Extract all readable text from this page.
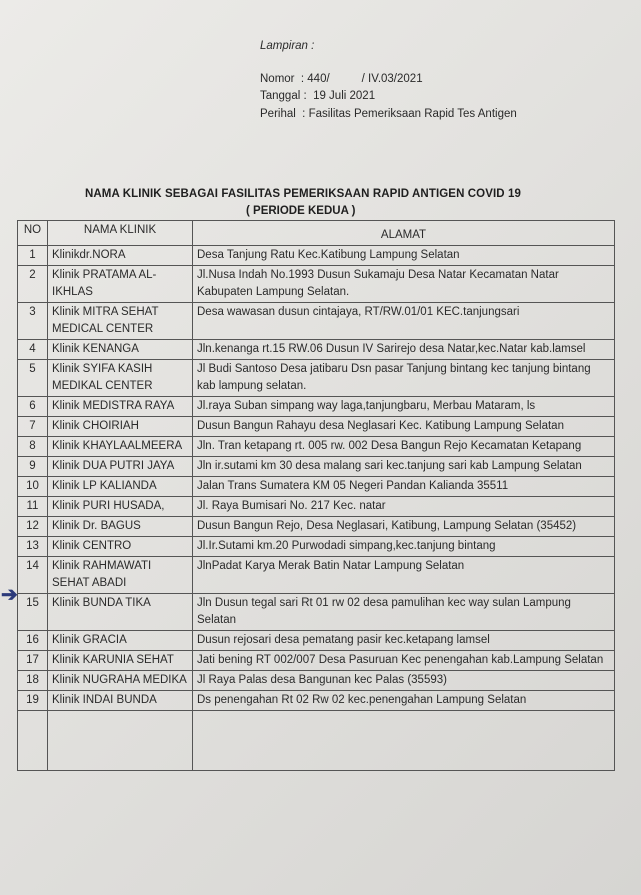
Lampiran :
Nomor  : 440/          / IV.03/2021
Tanggal :  19 Juli 2021
Perihal  : Fasilitas Pemeriksaan Rapid Tes Antigen
NAMA KLINIK SEBAGAI FASILITAS PEMERIKSAAN RAPID ANTIGEN COVID 19
( PERIODE KEDUA )
NO	NAMA KLINIK	ALAMAT
1	Klinikdr.NORA	Desa Tanjung Ratu Kec.Katibung Lampung Selatan
2	Klinik PRATAMA AL-IKHLAS	Jl.Nusa Indah No.1993 Dusun Sukamaju Desa Natar Kecamatan Natar Kabupaten Lampung Selatan.
3	Klinik MITRA SEHAT MEDICAL CENTER	Desa wawasan dusun cintajaya, RT/RW.01/01 KEC.tanjungsari
4	Klinik KENANGA	Jln.kenanga rt.15 RW.06 Dusun IV Sarirejo desa Natar,kec.Natar kab.lamsel
5	Klinik SYIFA KASIH MEDIKAL CENTER	Jl Budi Santoso Desa jatibaru Dsn pasar Tanjung bintang kec tanjung bintang kab lampung selatan.
6	Klinik MEDISTRA RAYA	Jl.raya Suban simpang way laga,tanjungbaru, Merbau Mataram, ls
7	Klinik CHOIRIAH	Dusun Bangun Rahayu desa Neglasari Kec. Katibung Lampung Selatan
8	Klinik KHAYLAALMEERA	Jln. Tran ketapang rt. 005 rw. 002 Desa Bangun Rejo Kecamatan Ketapang
9	Klinik DUA PUTRI JAYA	Jln ir.sutami km 30 desa malang sari kec.tanjung sari kab Lampung Selatan
10	Klinik LP KALIANDA	Jalan Trans Sumatera KM 05 Negeri Pandan Kalianda 35511
11	Klinik PURI HUSADA,	Jl. Raya Bumisari No. 217 Kec. natar
12	Klinik Dr. BAGUS	Dusun Bangun Rejo, Desa Neglasari, Katibung, Lampung Selatan (35452)
13	Klinik CENTRO	Jl.Ir.Sutami km.20 Purwodadi simpang,kec.tanjung bintang
14	Klinik RAHMAWATI SEHAT ABADI	JlnPadat Karya Merak Batin Natar Lampung Selatan
15	Klinik BUNDA TIKA	Jln Dusun tegal sari Rt 01 rw 02 desa pamulihan kec way sulan Lampung Selatan
16	Klinik GRACIA	Dusun rejosari desa pematang pasir kec.ketapang lamsel
17	Klinik KARUNIA SEHAT	Jati bening RT 002/007 Desa Pasuruan Kec penengahan kab.Lampung Selatan
18	Klinik NUGRAHA MEDIKA	Jl Raya Palas desa Bangunan kec Palas (35593)
19	Klinik INDAI BUNDA	Ds penengahan Rt 02 Rw 02 kec.penengahan Lampung Selatan

➔
